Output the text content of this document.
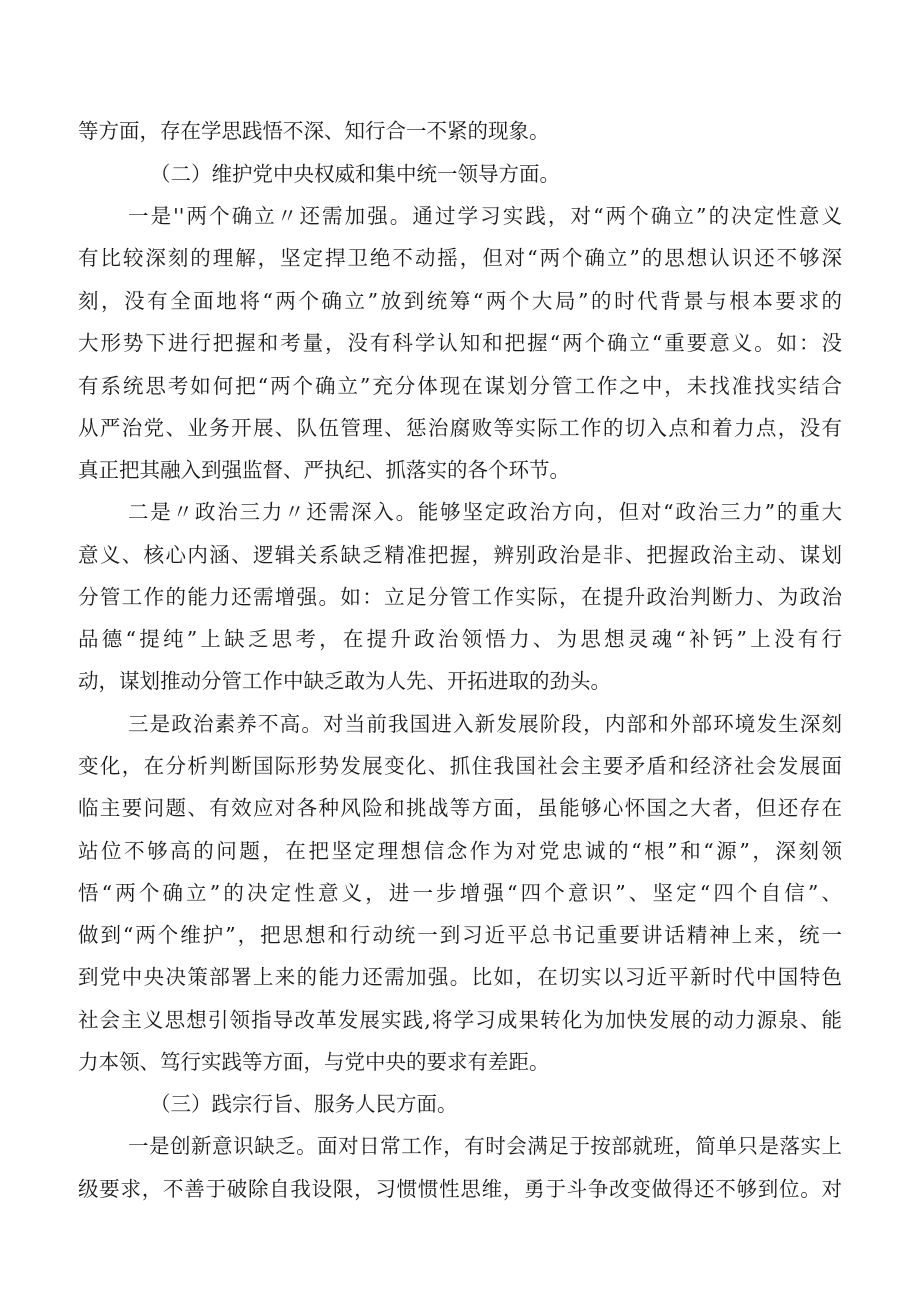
等方面，存在学思践悟不深、知行合一不紧的现象。
（二）维护党中央权威和集中统一领导方面。
一是''两个确立〃还需加强。通过学习实践，对“两个确立”的决定性意义
有比较深刻的理解，坚定捍卫绝不动摇，但对“两个确立”的思想认识还不够深
刻，没有全面地将“两个确立”放到统筹“两个大局”的时代背景与根本要求的
大形势下进行把握和考量，没有科学认知和把握“两个确立“重要意义。如：没
有系统思考如何把“两个确立”充分体现在谋划分管工作之中，未找准找实结合
从严治党、业务开展、队伍管理、惩治腐败等实际工作的切入点和着力点，没有
真正把其融入到强监督、严执纪、抓落实的各个环节。
二是〃政治三力〃还需深入。能够坚定政治方向，但对“政治三力”的重大
意义、核心内涵、逻辑关系缺乏精准把握，辨别政治是非、把握政治主动、谋划
分管工作的能力还需增强。如：立足分管工作实际，在提升政治判断力、为政治
品德“提纯”上缺乏思考，在提升政治领悟力、为思想灵魂“补钙”上没有行
动，谋划推动分管工作中缺乏敢为人先、开拓进取的劲头。
三是政治素养不高。对当前我国进入新发展阶段，内部和外部环境发生深刻
变化，在分析判断国际形势发展变化、抓住我国社会主要矛盾和经济社会发展面
临主要问题、有效应对各种风险和挑战等方面，虽能够心怀国之大者，但还存在
站位不够高的问题，在把坚定理想信念作为对党忠诚的“根”和“源”，深刻领
悟“两个确立”的决定性意义，进一步增强“四个意识”、坚定“四个自信”、
做到“两个维护”，把思想和行动统一到习近平总书记重要讲话精神上来，统一
到党中央决策部署上来的能力还需加强。比如，在切实以习近平新时代中国特色
社会主义思想引领指导改革发展实践,将学习成果转化为加快发展的动力源泉、能
力本领、笃行实践等方面，与党中央的要求有差距。
（三）践宗行旨、服务人民方面。
一是创新意识缺乏。面对日常工作，有时会满足于按部就班，简单只是落实上
级要求，不善于破除自我设限，习惯惯性思维，勇于斗争改变做得还不够到位。对
